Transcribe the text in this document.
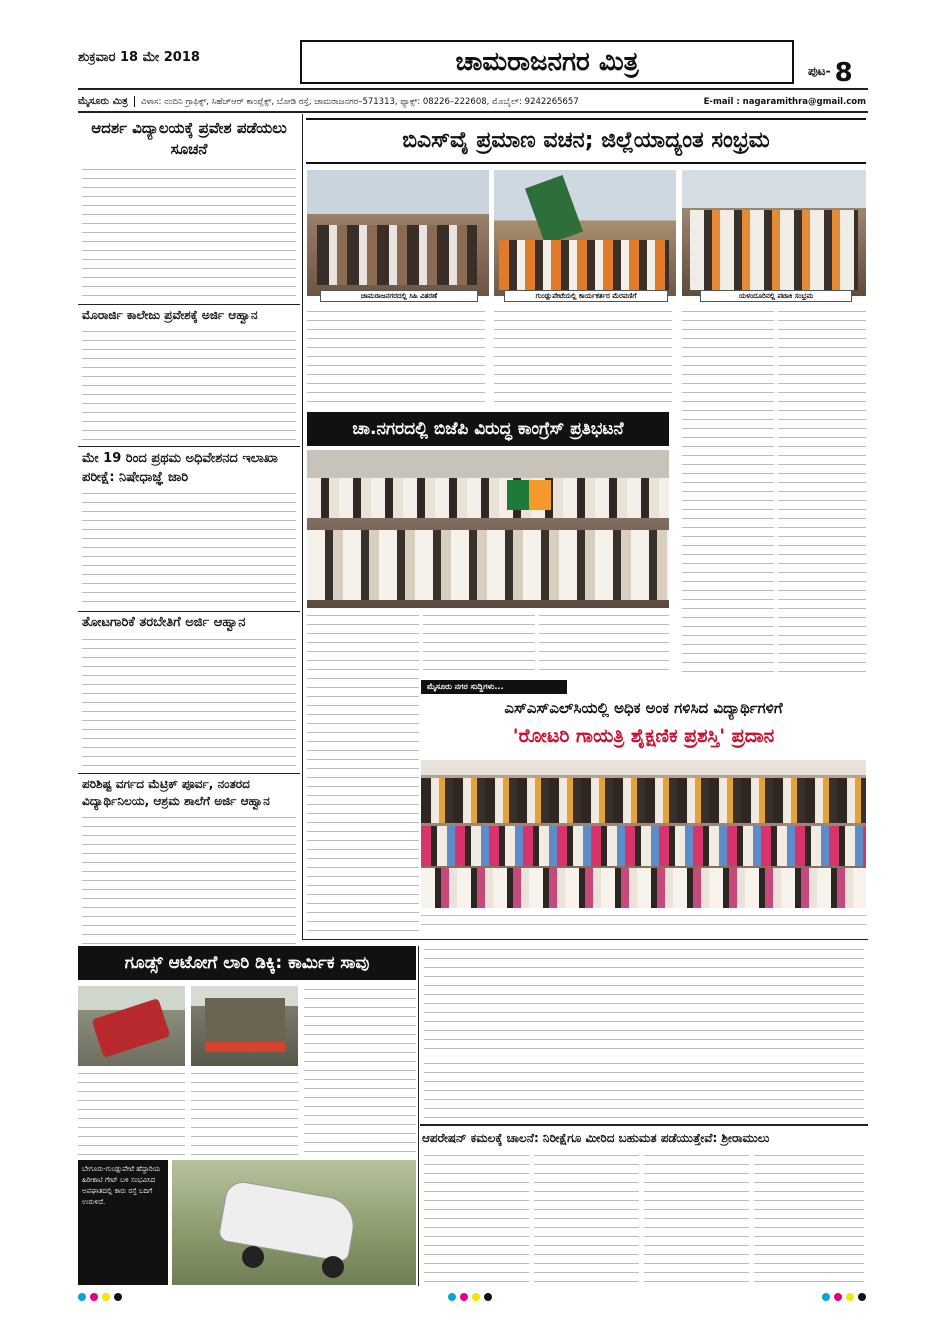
ಶುಕ್ರವಾರ 18 ಮೇ 2018	ಚಾಮರಾಜನಗರ ಮಿತ್ರ	ಪುಟ- 8
ಮೈಸೂರು ಮಿತ್ರ ವಿಳಾಸ: ನಂದಿನಿ ಗ್ರಾಫಿಕ್ಸ್, ಸಿಹೆಚ್‌ಆರ್ ಕಾಂಪ್ಲೆಕ್ಸ್, ಬೋಡಿ ರಸ್ತೆ, ಚಾಮರಾಜನಗರ–571313, ಫ್ಯಾಕ್ಸ್: 08226–222608, ಮೊಬೈಲ್: 9242265657	E-mail : nagaramithra@gmail.com
ಆದರ್ಶ ವಿದ್ಯಾಲಯಕ್ಕೆ ಪ್ರವೇಶ ಪಡೆಯಲು ಸೂಚನೆ
ಮೊರಾರ್ಜಿ ಕಾಲೇಜು ಪ್ರವೇಶಕ್ಕೆ ಅರ್ಜಿ ಆಹ್ವಾನ
ಮೇ 19 ರಿಂದ ಪ್ರಥಮ ಅಧಿವೇಶನದ ಇಲಾಖಾ ಪರೀಕ್ಷೆ: ನಿಷೇಧಾಜ್ಞೆ ಜಾರಿ
ತೋಟಗಾರಿಕೆ ತರಬೇತಿಗೆ ಅರ್ಜಿ ಆಹ್ವಾನ
ಪರಿಶಿಷ್ಟ ವರ್ಗದ ಮೆಟ್ರಿಕ್ ಪೂರ್ವ, ನಂತರದ ವಿದ್ಯಾರ್ಥಿನಿಲಯ, ಆಶ್ರಮ ಶಾಲೆಗೆ ಅರ್ಜಿ ಆಹ್ವಾನ
ಬಿಎಸ್‌ವೈ ಪ್ರಮಾಣ ವಚನ; ಜಿಲ್ಲೆಯಾದ್ಯಂತ ಸಂಭ್ರಮ
ಚಾಮರಾಜನಗರದಲ್ಲಿ ಸಿಹಿ ವಿತರಣೆ	ಗುಂಡ್ಲುಪೇಟೆಯಲ್ಲಿ ಕಾರ್ಯಕರ್ತರ ಮೆರವಣಿಗೆ	ಯಳಂದೂರಿನಲ್ಲಿ ಪಟಾಕಿ ಸಂಭ್ರಮ
ಚಾ.ನಗರದಲ್ಲಿ ಬಿಜೆಪಿ ವಿರುದ್ಧ ಕಾಂಗ್ರೆಸ್ ಪ್ರತಿಭಟನೆ
ಮೈಸೂರು ನಗರ ಸುದ್ದಿಗಳು...
ಎಸ್‌ಎಸ್‌ಎಲ್‌ಸಿಯಲ್ಲಿ ಅಧಿಕ ಅಂಕ ಗಳಿಸಿದ ವಿದ್ಯಾರ್ಥಿಗಳಿಗೆ
'ರೋಟರಿ ಗಾಯತ್ರಿ ಶೈಕ್ಷಣಿಕ ಪ್ರಶಸ್ತಿ' ಪ್ರದಾನ
ಗೂಡ್ಸ್ ಆಟೋಗೆ ಲಾರಿ ಡಿಕ್ಕಿ: ಕಾರ್ಮಿಕ ಸಾವು
ಬೇಗೂರು-ಗುಂಡ್ಲುಪೇಟೆ ಹೆದ್ದಾರಿಯ ಹಿರೀಕಾಟಿ ಗೇಟ್ ಬಳಿ ಸಂಭವಿಸಿದ ಅಪಘಾತದಲ್ಲಿ ಕಾರು ರಸ್ತೆ ಬದಿಗೆ ಉರುಳಿದೆ.
ಆಪರೇಷನ್ ಕಮಲಕ್ಕೆ ಚಾಲನೆ: ನಿರೀಕ್ಷೆಗೂ ಮೀರಿದ ಬಹುಮತ ಪಡೆಯುತ್ತೇವೆ: ಶ್ರೀರಾಮುಲು
